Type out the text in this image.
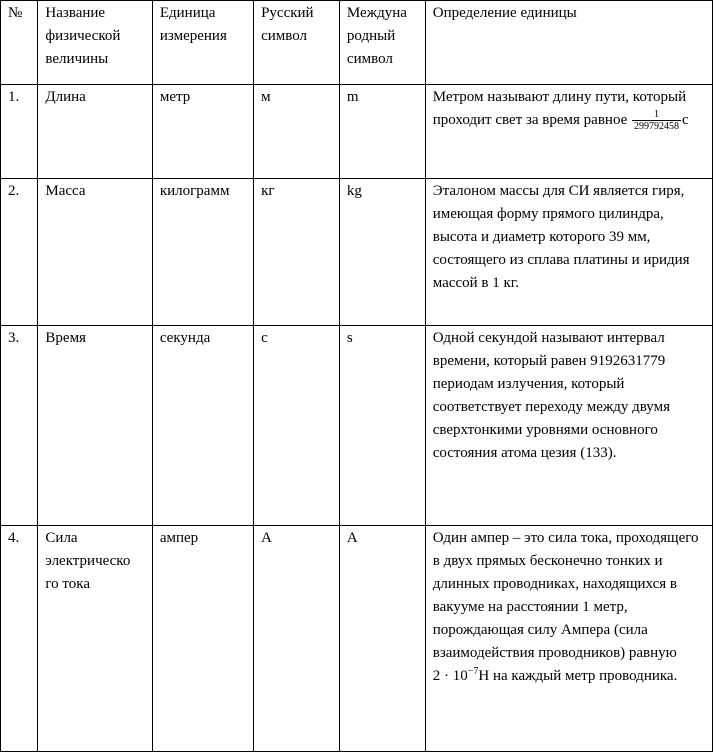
№	Название физической величины	Единица измерения	Русский символ	Междуна родный символ	Определение единицы
1.	Длина	метр	м	m	Метром называют длину пути, который проходит свет за время равное $\frac{1}{299792458}$ с
2.	Масса	килограмм	кг	kg	Эталоном массы для СИ является гиря, имеющая форму прямого цилиндра, высота и диаметр которого 39 мм, состоящего из сплава платины и иридия массой в 1 кг.
3.	Время	секунда	с	s	Одной секундой называют интервал времени, который равен 9192631779 периодам излучения, который соответствует переходу между двумя сверхтонкими уровнями основного состояния атома цезия (133).
4.	Сила электрическо го тока	ампер	А	A	Один ампер – это сила тока, проходящего в двух прямых бесконечно тонких и длинных проводниках, находящихся в вакууме на расстоянии 1 метр, порождающая силу Ампера (сила взаимодействия проводников) равную $2 \cdot 10^{-7}Н$ на каждый метр проводника.
